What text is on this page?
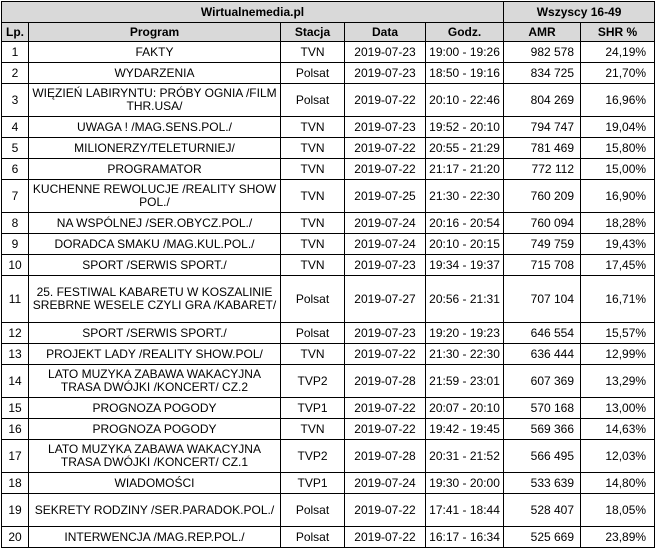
Wirtualnemedia.pl					Wszyscy 16-49	
Lp.	Program	Stacja	Data	Godz.	AMR	SHR %
1	FAKTY	TVN	2019-07-23	19:00 - 19:26	982 578	24,19%
2	WYDARZENIA	Polsat	2019-07-23	18:50 - 19:16	834 725	21,70%
3	WIĘZIEŃ LABIRYNTU: PRÓBY OGNIA /FILM THR.USA/	Polsat	2019-07-22	20:10 - 22:46	804 269	16,96%
4	UWAGA ! /MAG.SENS.POL./	TVN	2019-07-23	19:52 - 20:10	794 747	19,04%
5	MILIONERZY/TELETURNIEJ/	TVN	2019-07-22	20:55 - 21:29	781 469	15,80%
6	PROGRAMATOR	TVN	2019-07-22	21:17 - 21:20	772 112	15,00%
7	KUCHENNE REWOLUCJE /REALITY SHOW POL./	TVN	2019-07-25	21:30 - 22:30	760 209	16,90%
8	NA WSPÓLNEJ /SER.OBYCZ.POL./	TVN	2019-07-24	20:16 - 20:54	760 094	18,28%
9	DORADCA SMAKU /MAG.KUL.POL./	TVN	2019-07-24	20:10 - 20:15	749 759	19,43%
10	SPORT /SERWIS SPORT./	TVN	2019-07-23	19:34 - 19:37	715 708	17,45%
11	25. FESTIWAL KABARETU W KOSZALINIE SREBRNE WESELE CZYLI GRA /KABARET/	Polsat	2019-07-27	20:56 - 21:31	707 104	16,71%
12	SPORT /SERWIS SPORT./	Polsat	2019-07-23	19:20 - 19:23	646 554	15,57%
13	PROJEKT LADY /REALITY SHOW.POL/	TVN	2019-07-22	21:30 - 22:30	636 444	12,99%
14	LATO MUZYKA ZABAWA WAKACYJNA TRASA DWÓJKI /KONCERT/ CZ.2	TVP2	2019-07-28	21:59 - 23:01	607 369	13,29%
15	PROGNOZA POGODY	TVP1	2019-07-22	20:07 - 20:10	570 168	13,00%
16	PROGNOZA POGODY	TVN	2019-07-22	19:42 - 19:45	569 366	14,63%
17	LATO MUZYKA ZABAWA WAKACYJNA TRASA DWÓJKI /KONCERT/ CZ.1	TVP2	2019-07-28	20:31 - 21:52	566 495	12,03%
18	WIADOMOŚCI	TVP1	2019-07-24	19:30 - 20:00	533 639	14,80%
19	SEKRETY RODZINY /SER.PARADOK.POL./	Polsat	2019-07-22	17:41 - 18:44	528 407	18,05%
20	INTERWENCJA /MAG.REP.POL./	Polsat	2019-07-22	16:17 - 16:34	525 669	23,89%
